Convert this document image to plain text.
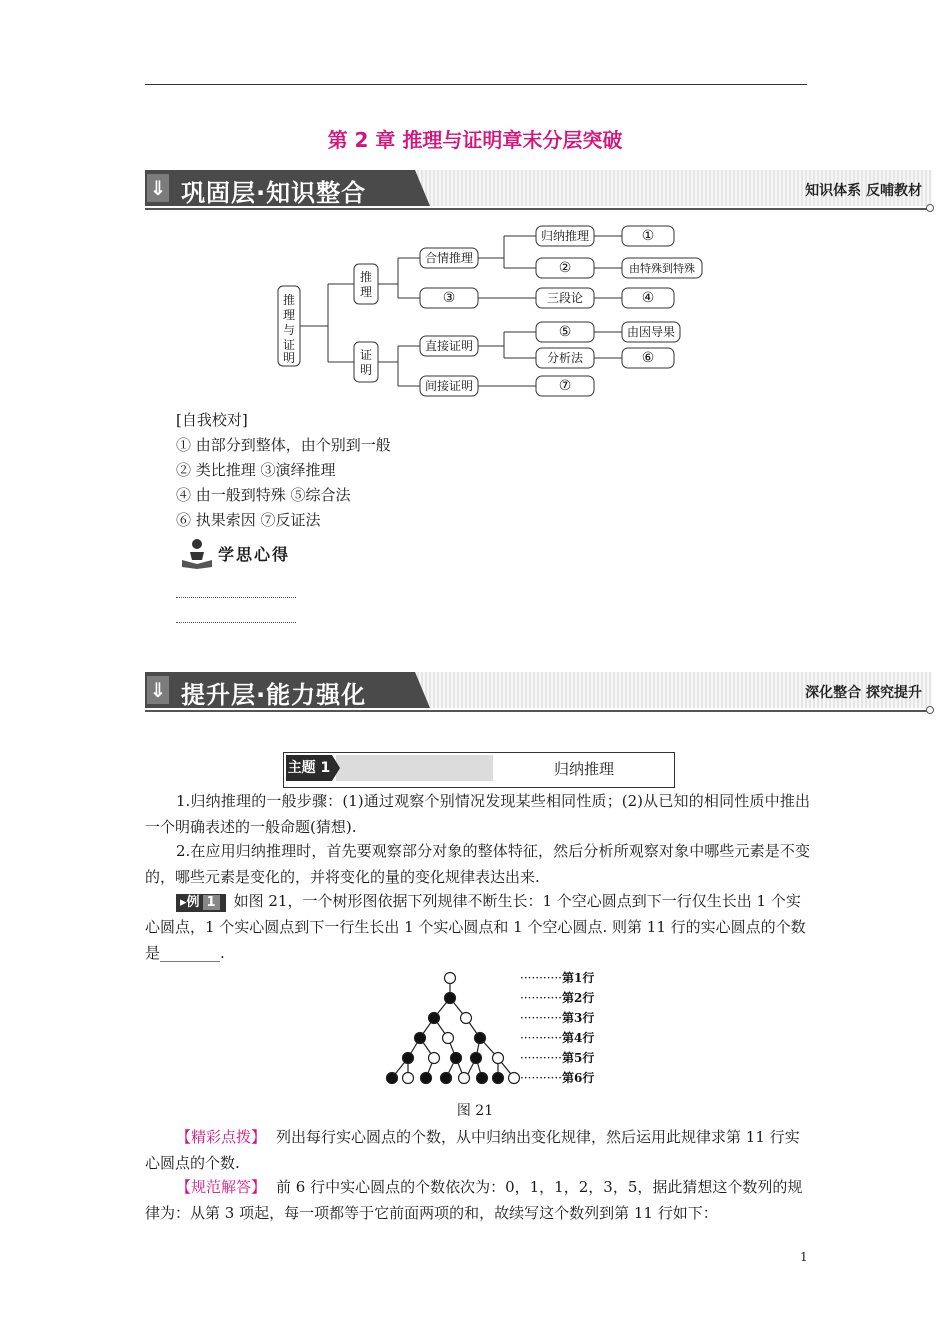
第 2 章 推理与证明章末分层突破
⇓ 巩固层·知识整合	知识体系 反哺教材
推
理
与
证
明
推
理
证
明
合情推理
归纳推理	①
②	由特殊到特殊
③	三段论	④
直接证明
⑤	由因导果
分析法	⑥
间接证明	⑦
[自我校对]
① 由部分到整体，由个别到一般
② 类比推理 ③演绎推理
④ 由一般到特殊 ⑤综合法
⑥ 执果索因 ⑦反证法
学思心得
⇓ 提升层·能力强化	深化整合 探究提升
主题 1	归纳推理
1.归纳推理的一般步骤：(1)通过观察个别情况发现某些相同性质；(2)从已知的相同性质中推出一个明确表述的一般命题(猜想).
2.在应用归纳推理时，首先要观察部分对象的整体特征，然后分析所观察对象中哪些元素是不变的，哪些元素是变化的，并将变化的量的变化规律表达出来.
▸例 1 如图 21，一个树形图依据下列规律不断生长：1 个空心圆点到下一行仅生长出 1 个实心圆点，1 个实心圆点到下一行生长出 1 个实心圆点和 1 个空心圆点. 则第 11 行的实心圆点的个数是________.
···········第1行
···········第2行
···········第3行
···········第4行
···········第5行
···········第6行
图 21
【精彩点拨】 列出每行实心圆点的个数，从中归纳出变化规律，然后运用此规律求第 11 行实心圆点的个数.
【规范解答】 前 6 行中实心圆点的个数依次为：0，1，1，2，3，5，据此猜想这个数列的规律为：从第 3 项起，每一项都等于它前面两项的和，故续写这个数列到第 11 行如下：
1
